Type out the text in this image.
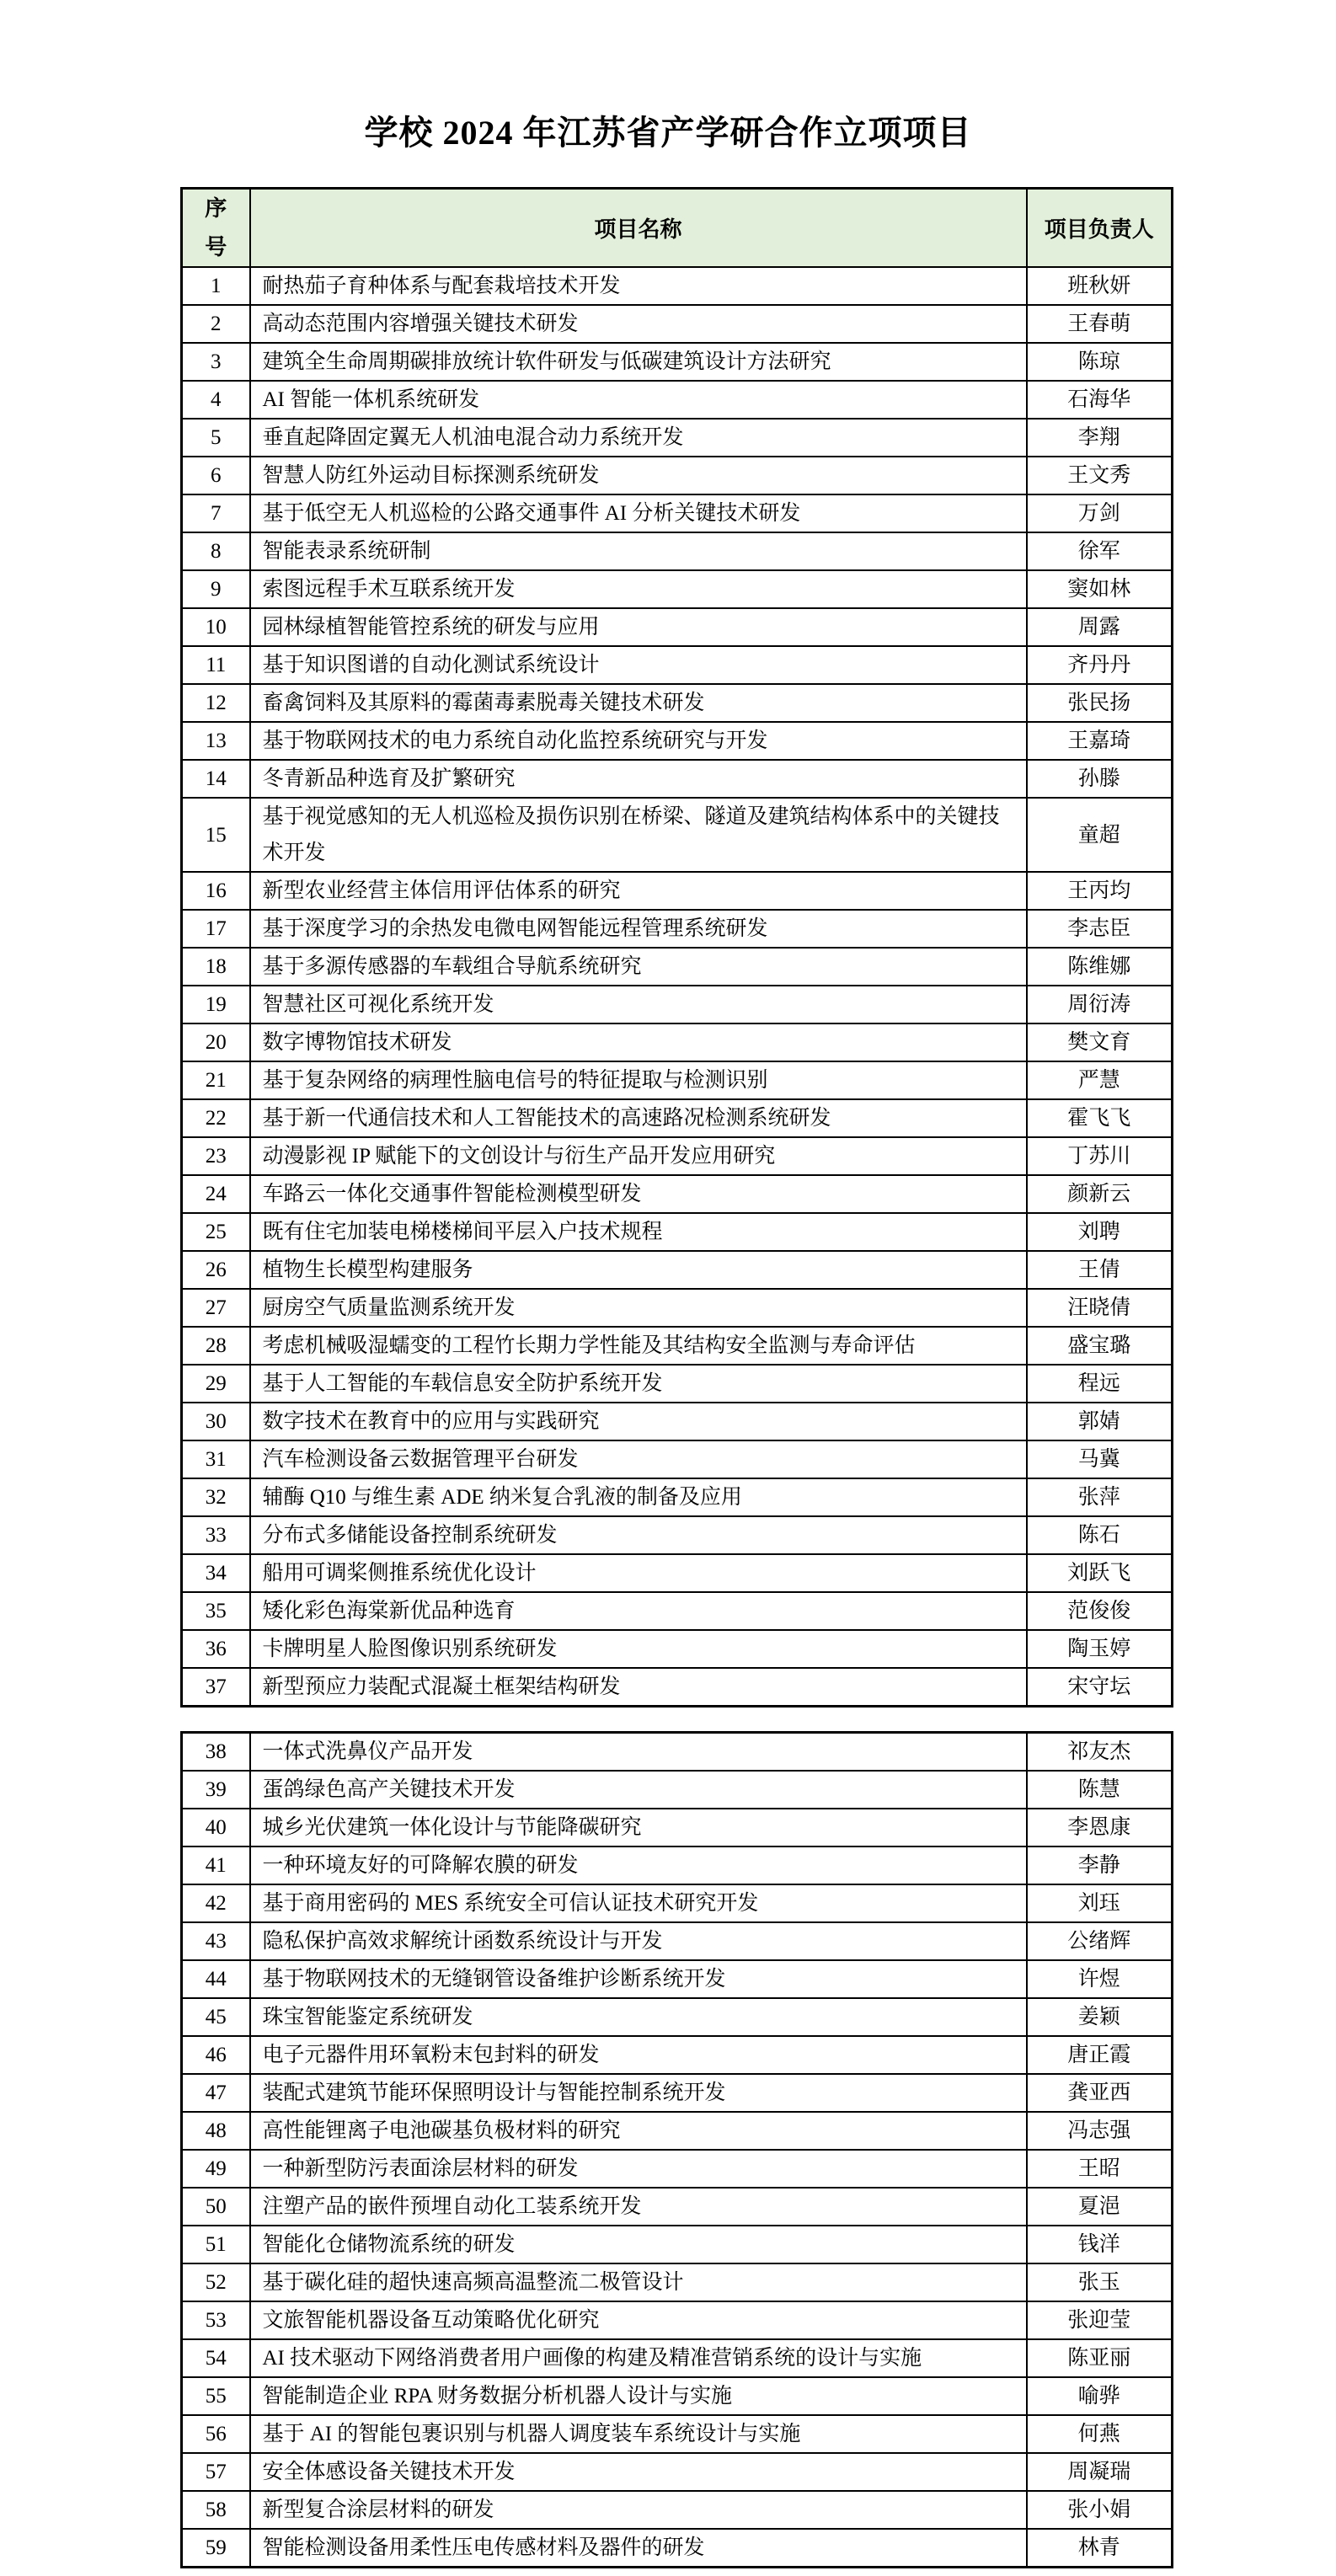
学校 2024 年江苏省产学研合作立项项目
序号	项目名称	项目负责人
1	耐热茄子育种体系与配套栽培技术开发	班秋妍
2	高动态范围内容增强关键技术研发	王春萌
3	建筑全生命周期碳排放统计软件研发与低碳建筑设计方法研究	陈琼
4	AI 智能一体机系统研发	石海华
5	垂直起降固定翼无人机油电混合动力系统开发	李翔
6	智慧人防红外运动目标探测系统研发	王文秀
7	基于低空无人机巡检的公路交通事件 AI 分析关键技术研发	万剑
8	智能表录系统研制	徐军
9	索图远程手术互联系统开发	窦如林
10	园林绿植智能管控系统的研发与应用	周露
11	基于知识图谱的自动化测试系统设计	齐丹丹
12	畜禽饲料及其原料的霉菌毒素脱毒关键技术研发	张民扬
13	基于物联网技术的电力系统自动化监控系统研究与开发	王嘉琦
14	冬青新品种选育及扩繁研究	孙滕
15	基于视觉感知的无人机巡检及损伤识别在桥梁、隧道及建筑结构体系中的关键技术开发	童超
16	新型农业经营主体信用评估体系的研究	王丙均
17	基于深度学习的余热发电微电网智能远程管理系统研发	李志臣
18	基于多源传感器的车载组合导航系统研究	陈维娜
19	智慧社区可视化系统开发	周衍涛
20	数字博物馆技术研发	樊文育
21	基于复杂网络的病理性脑电信号的特征提取与检测识别	严慧
22	基于新一代通信技术和人工智能技术的高速路况检测系统研发	霍飞飞
23	动漫影视 IP 赋能下的文创设计与衍生产品开发应用研究	丁苏川
24	车路云一体化交通事件智能检测模型研发	颜新云
25	既有住宅加装电梯楼梯间平层入户技术规程	刘聘
26	植物生长模型构建服务	王倩
27	厨房空气质量监测系统开发	汪晓倩
28	考虑机械吸湿蠕变的工程竹长期力学性能及其结构安全监测与寿命评估	盛宝璐
29	基于人工智能的车载信息安全防护系统开发	程远
30	数字技术在教育中的应用与实践研究	郭婧
31	汽车检测设备云数据管理平台研发	马冀
32	辅酶 Q10 与维生素 ADE 纳米复合乳液的制备及应用	张萍
33	分布式多储能设备控制系统研发	陈石
34	船用可调桨侧推系统优化设计	刘跃飞
35	矮化彩色海棠新优品种选育	范俊俊
36	卡牌明星人脸图像识别系统研发	陶玉婷
37	新型预应力装配式混凝土框架结构研发	宋守坛
38	一体式洗鼻仪产品开发	祁友杰
39	蛋鸽绿色高产关键技术开发	陈慧
40	城乡光伏建筑一体化设计与节能降碳研究	李恩康
41	一种环境友好的可降解农膜的研发	李静
42	基于商用密码的 MES 系统安全可信认证技术研究开发	刘珏
43	隐私保护高效求解统计函数系统设计与开发	公绪辉
44	基于物联网技术的无缝钢管设备维护诊断系统开发	许煜
45	珠宝智能鉴定系统研发	姜颖
46	电子元器件用环氧粉末包封料的研发	唐正霞
47	装配式建筑节能环保照明设计与智能控制系统开发	龚亚西
48	高性能锂离子电池碳基负极材料的研究	冯志强
49	一种新型防污表面涂层材料的研发	王昭
50	注塑产品的嵌件预埋自动化工装系统开发	夏浥
51	智能化仓储物流系统的研发	钱洋
52	基于碳化硅的超快速高频高温整流二极管设计	张玉
53	文旅智能机器设备互动策略优化研究	张迎莹
54	AI 技术驱动下网络消费者用户画像的构建及精准营销系统的设计与实施	陈亚丽
55	智能制造企业 RPA 财务数据分析机器人设计与实施	喻骅
56	基于 AI 的智能包裹识别与机器人调度装车系统设计与实施	何燕
57	安全体感设备关键技术开发	周凝瑞
58	新型复合涂层材料的研发	张小娟
59	智能检测设备用柔性压电传感材料及器件的研发	林青
